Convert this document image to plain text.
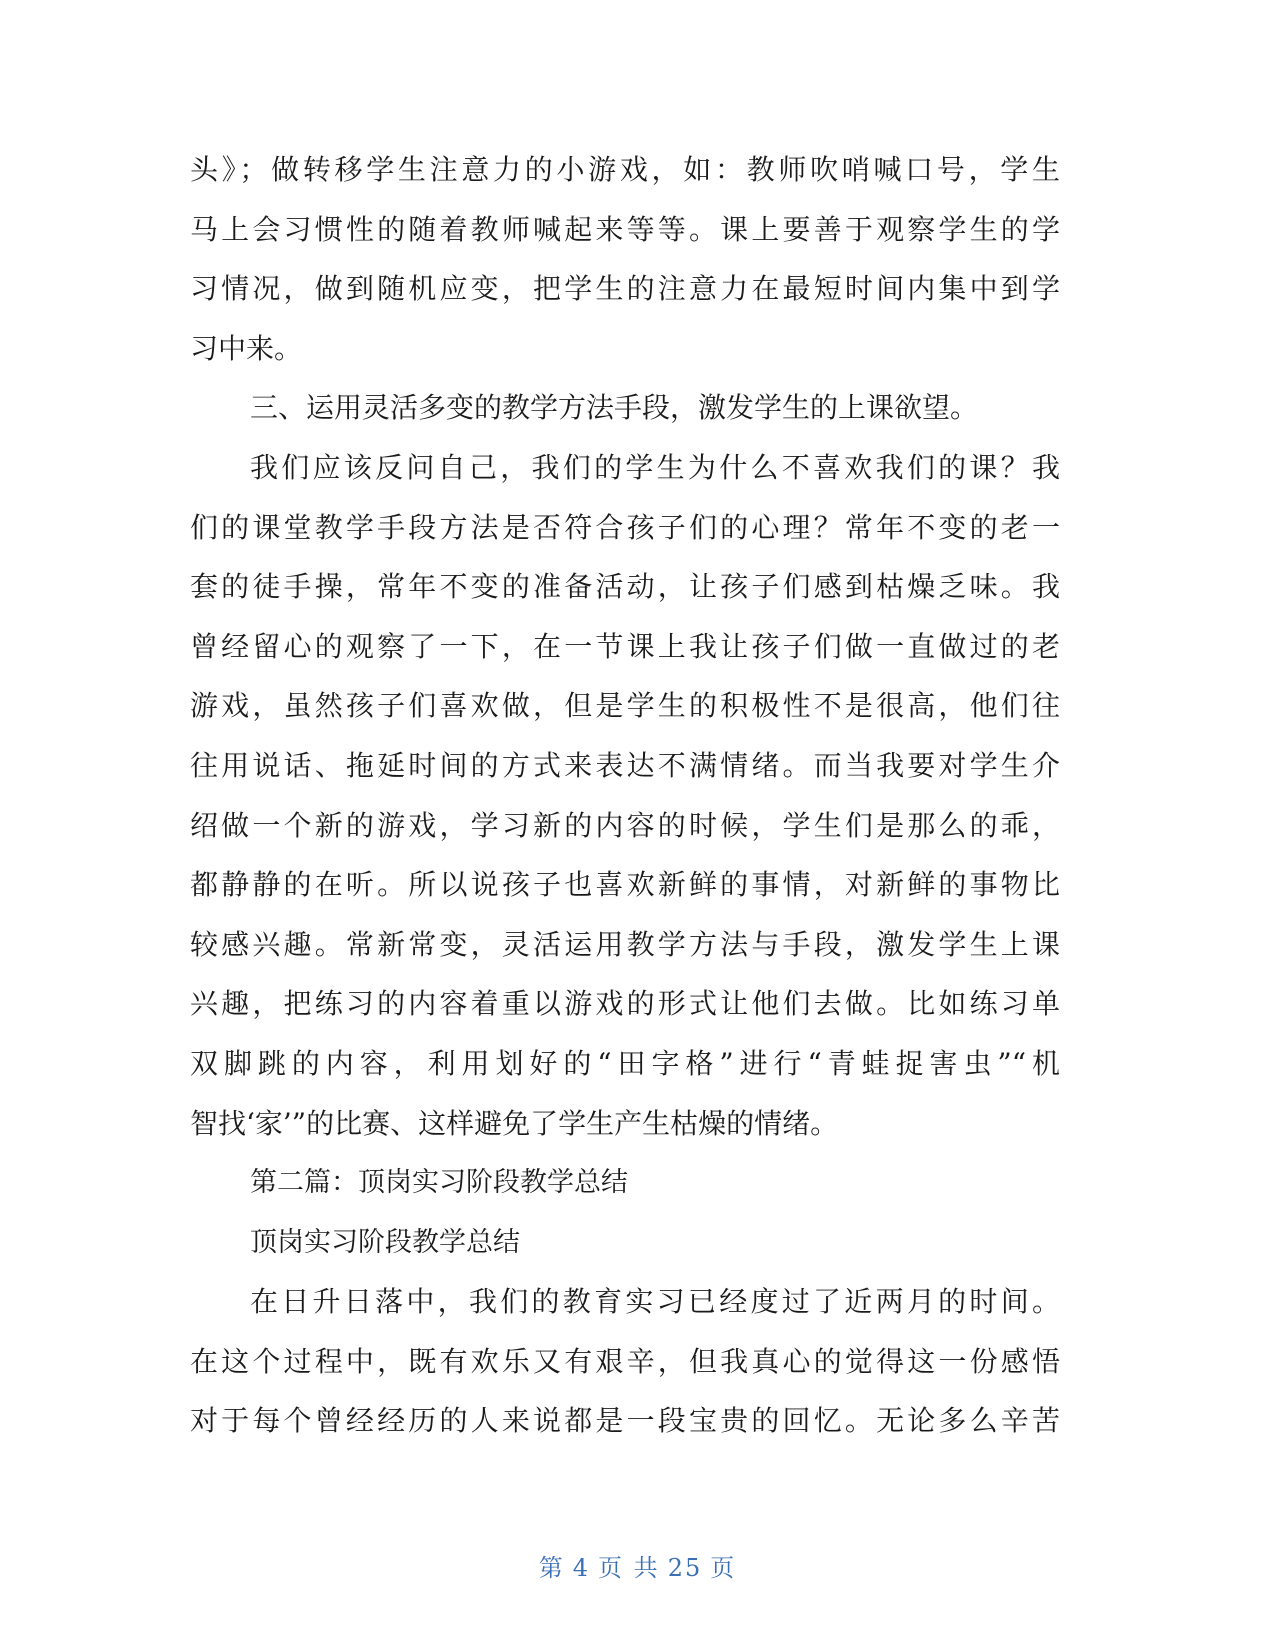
头》；做转移学生注意力的小游戏，如：教师吹哨喊口号，学生
马上会习惯性的随着教师喊起来等等。课上要善于观察学生的学
习情况，做到随机应变，把学生的注意力在最短时间内集中到学
习中来。
三、运用灵活多变的教学方法手段，激发学生的上课欲望。
我们应该反问自己，我们的学生为什么不喜欢我们的课？我
们的课堂教学手段方法是否符合孩子们的心理？常年不变的老一
套的徒手操，常年不变的准备活动，让孩子们感到枯燥乏味。我
曾经留心的观察了一下，在一节课上我让孩子们做一直做过的老
游戏，虽然孩子们喜欢做，但是学生的积极性不是很高，他们往
往用说话、拖延时间的方式来表达不满情绪。而当我要对学生介
绍做一个新的游戏，学习新的内容的时候，学生们是那么的乖，
都静静的在听。所以说孩子也喜欢新鲜的事情，对新鲜的事物比
较感兴趣。常新常变，灵活运用教学方法与手段，激发学生上课
兴趣，把练习的内容着重以游戏的形式让他们去做。比如练习单
双脚跳的内容，利用划好的“田字格”进行“青蛙捉害虫”“机
智找‘家’”的比赛、这样避免了学生产生枯燥的情绪。
第二篇：顶岗实习阶段教学总结
顶岗实习阶段教学总结
在日升日落中，我们的教育实习已经度过了近两月的时间。
在这个过程中，既有欢乐又有艰辛，但我真心的觉得这一份感悟
对于每个曾经经历的人来说都是一段宝贵的回忆。无论多么辛苦
第 4 页 共 25 页
